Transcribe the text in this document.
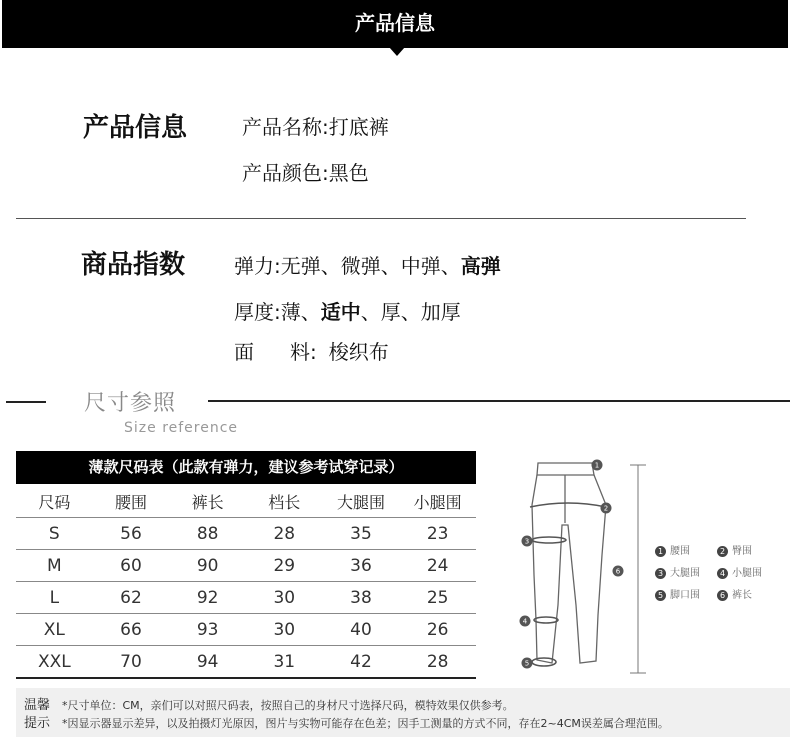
产品信息
产品信息	产品名称:打底裤
产品颜色:黑色
商品指数 弹力:无弹、微弹、中弹、高弹
厚度:薄、适中、厚、加厚
面 料: 梭织布
尺寸参照
Size reference
薄款尺码表（此款有弹力，建议参考试穿记录）
尺码	腰围	裤长	档长	大腿围	小腿围
S	56	88	28	35	23
M	60	90	29	36	24
L	62	92	30	38	25
XL	66	93	30	40	26
XXL	70	94	31	42	28
1
2
3
4
5
6
1 腰围	2 臀围
3 大腿围	4 小腿围
5 脚口围	6 裤长
温馨
提示
*尺寸单位：CM，亲们可以对照尺码表，按照自己的身材尺寸选择尺码，模特效果仅供参考。
*因显示器显示差异，以及拍摄灯光原因，图片与实物可能存在色差；因手工测量的方式不同，存在2~4CM误差属合理范围。
